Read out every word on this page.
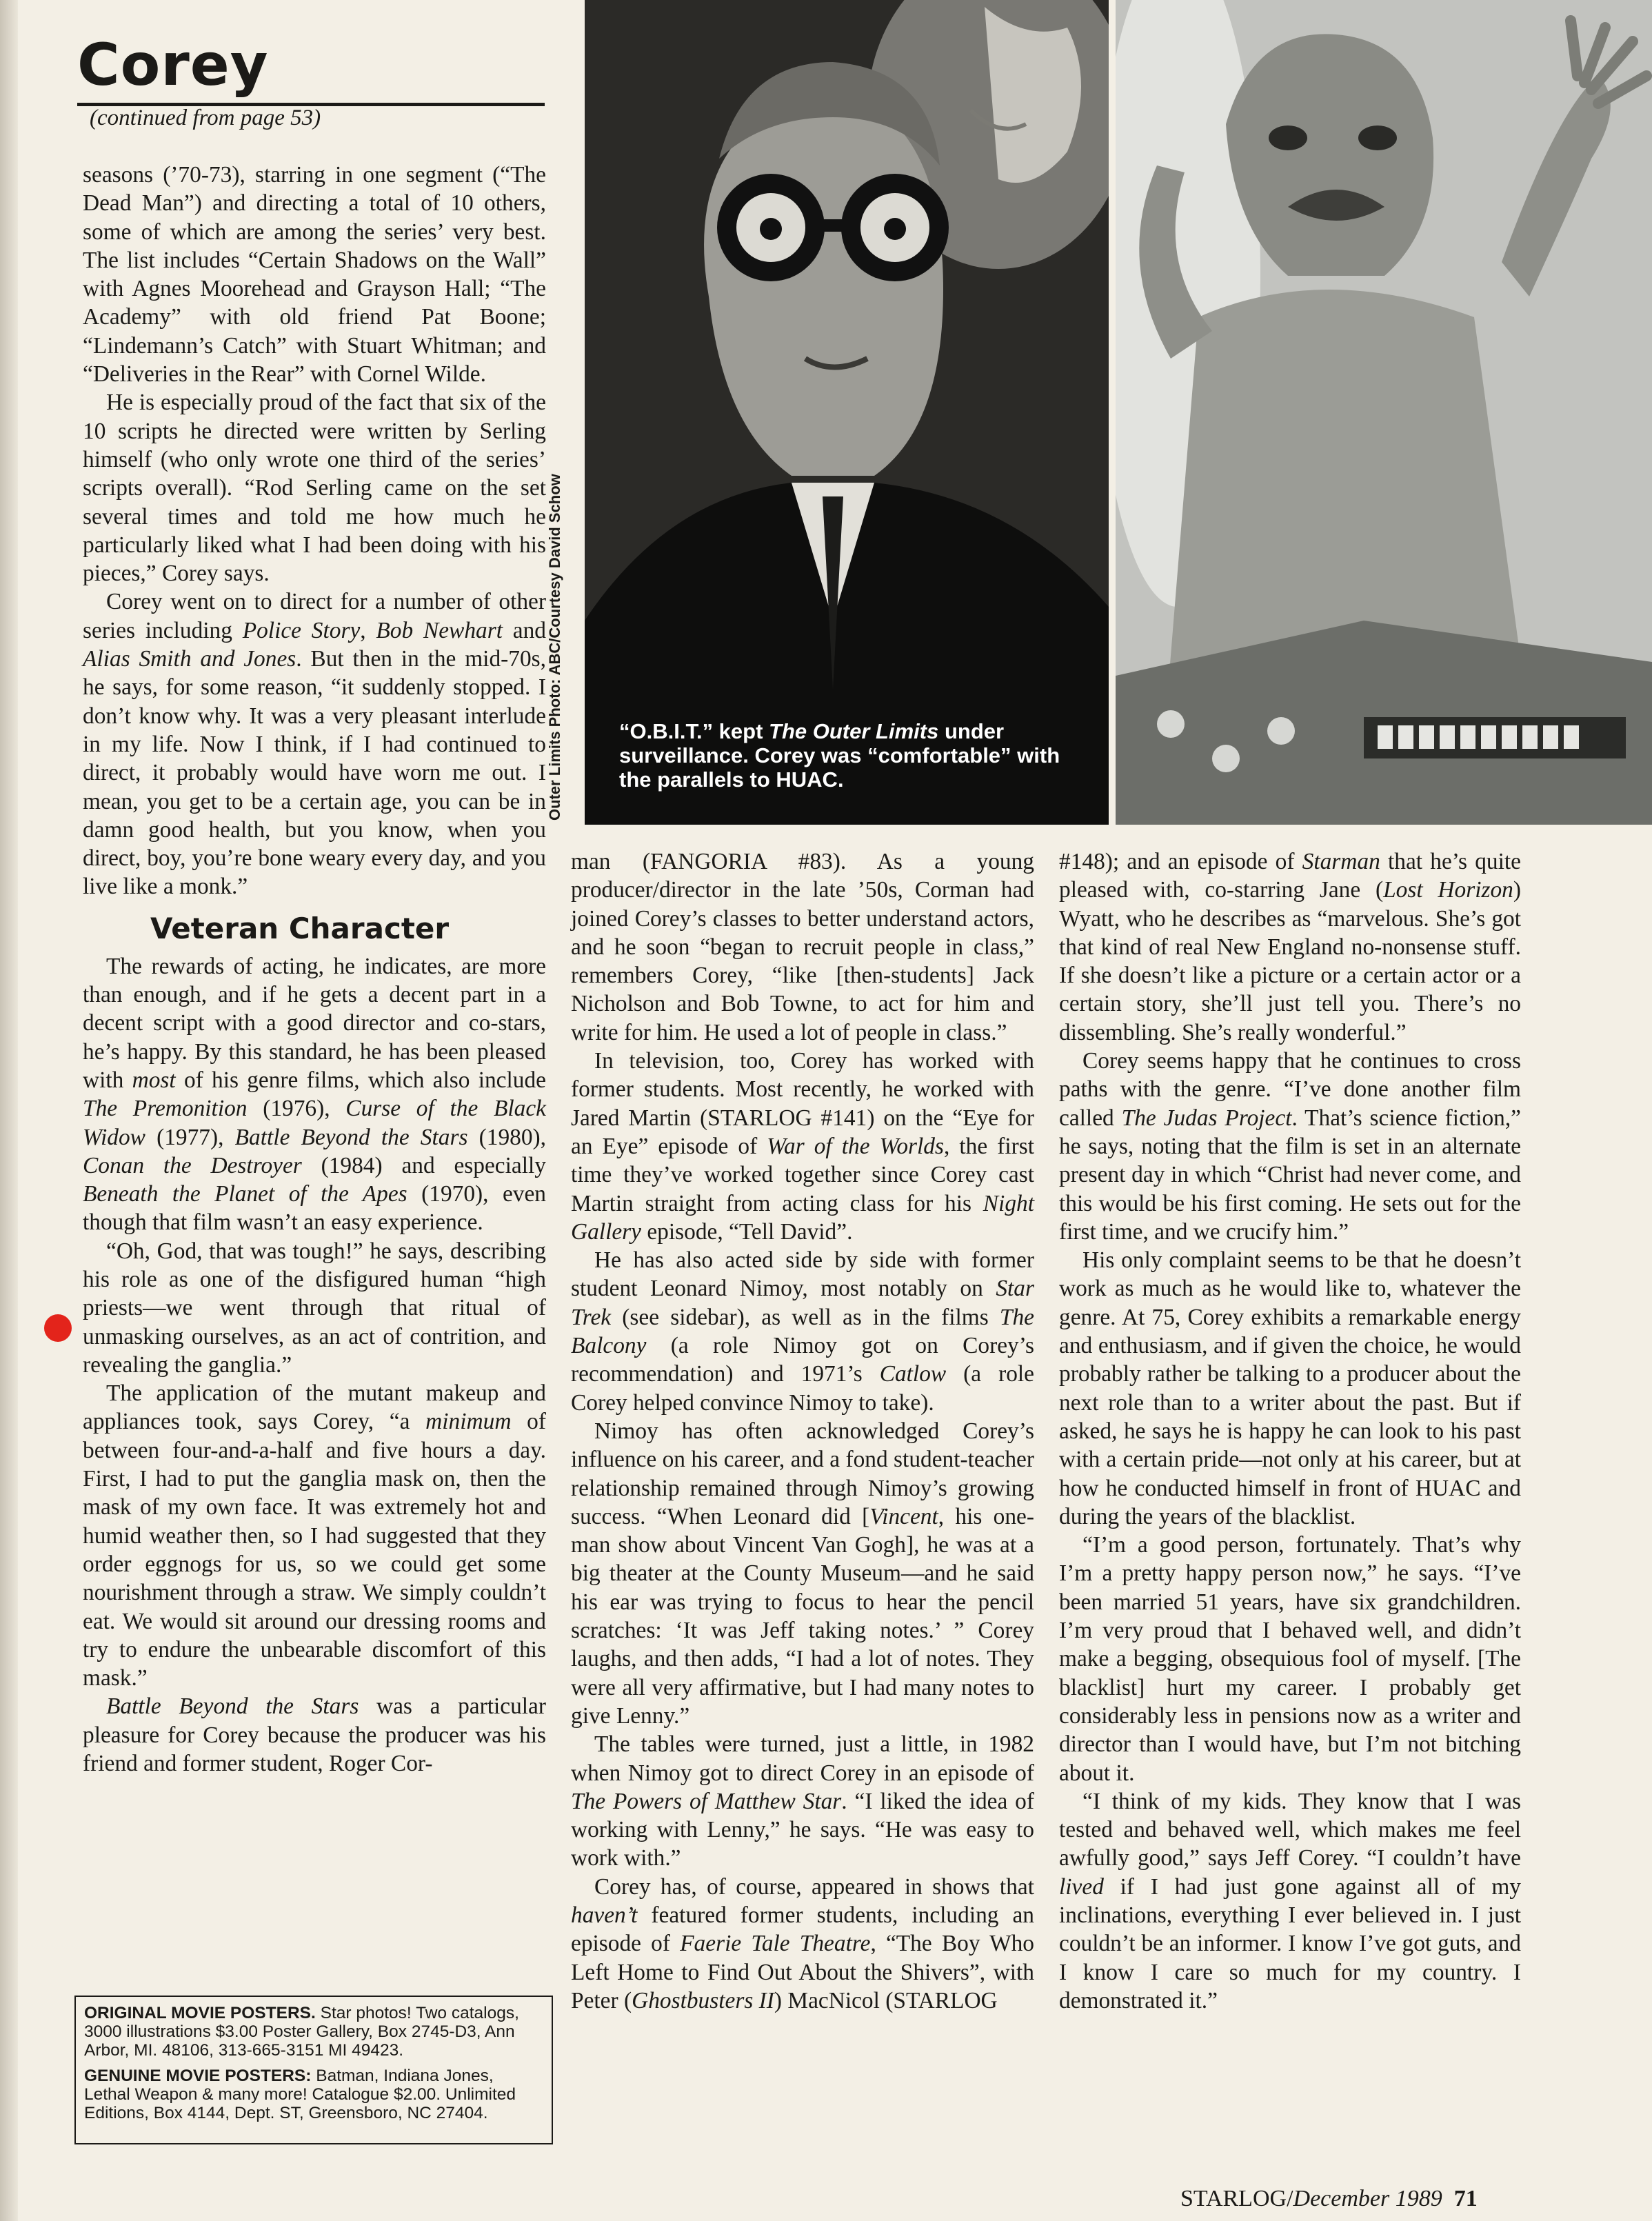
Corey
(continued from page 53)

“O.B.I.T.” kept The Outer Limits under surveillance. Corey was “comfortable” with the parallels to HUAC.

Outer Limits Photo: ABC/Courtesy David Schow

seasons (’70-73), starring in one segment (“The Dead Man”) and directing a total of 10 others, some of which are among the series’ very best. The list includes “Certain Shadows on the Wall” with Agnes Moorehead and Grayson Hall; “The Academy” with old friend Pat Boone; “Lindemann’s Catch” with Stuart Whitman; and “Deliveries in the Rear” with Cornel Wilde.

He is especially proud of the fact that six of the 10 scripts he directed were written by Serling himself (who only wrote one third of the series’ scripts overall). “Rod Serling came on the set several times and told me how much he particularly liked what I had been doing with his pieces,” Corey says.

Corey went on to direct for a number of other series including Police Story, Bob Newhart and Alias Smith and Jones. But then in the mid-70s, he says, for some reason, “it suddenly stopped. I don’t know why. It was a very pleasant interlude in my life. Now I think, if I had continued to direct, it probably would have worn me out. I mean, you get to be a certain age, you can be in damn good health, but you know, when you direct, boy, you’re bone weary every day, and you live like a monk.”

Veteran Character

The rewards of acting, he indicates, are more than enough, and if he gets a decent part in a decent script with a good director and co-stars, he’s happy. By this standard, he has been pleased with most of his genre films, which also include The Premonition (1976), Curse of the Black Widow (1977), Battle Beyond the Stars (1980), Conan the Destroyer (1984) and especially Beneath the Planet of the Apes (1970), even though that film wasn’t an easy experience.

“Oh, God, that was tough!” he says, describing his role as one of the disfigured human “high priests—we went through that ritual of unmasking ourselves, as an act of contrition, and revealing the ganglia.”

The application of the mutant makeup and appliances took, says Corey, “a minimum of between four-and-a-half and five hours a day. First, I had to put the ganglia mask on, then the mask of my own face. It was extremely hot and humid weather then, so I had suggested that they order eggnogs for us, so we could get some nourishment through a straw. We simply couldn’t eat. We would sit around our dressing rooms and try to endure the unbearable discomfort of this mask.”

Battle Beyond the Stars was a particular pleasure for Corey because the producer was his friend and former student, Roger Cor-

man (FANGORIA #83). As a young producer/director in the late ’50s, Corman had joined Corey’s classes to better understand actors, and he soon “began to recruit people in class,” remembers Corey, “like [then-students] Jack Nicholson and Bob Towne, to act for him and write for him. He used a lot of people in class.”

In television, too, Corey has worked with former students. Most recently, he worked with Jared Martin (STARLOG #141) on the “Eye for an Eye” episode of War of the Worlds, the first time they’ve worked together since Corey cast Martin straight from acting class for his Night Gallery episode, “Tell David”.

He has also acted side by side with former student Leonard Nimoy, most notably on Star Trek (see sidebar), as well as in the films The Balcony (a role Nimoy got on Corey’s recommendation) and 1971’s Catlow (a role Corey helped convince Nimoy to take).

Nimoy has often acknowledged Corey’s influence on his career, and a fond student-teacher relationship remained through Nimoy’s growing success. “When Leonard did [Vincent, his one-man show about Vincent Van Gogh], he was at a big theater at the County Museum—and he said his ear was trying to focus to hear the pencil scratches: ‘It was Jeff taking notes.’ ” Corey laughs, and then adds, “I had a lot of notes. They were all very affirmative, but I had many notes to give Lenny.”

The tables were turned, just a little, in 1982 when Nimoy got to direct Corey in an episode of The Powers of Matthew Star. “I liked the idea of working with Lenny,” he says. “He was easy to work with.”

Corey has, of course, appeared in shows that haven’t featured former students, including an episode of Faerie Tale Theatre, “The Boy Who Left Home to Find Out About the Shivers”, with Peter (Ghostbusters II) MacNicol (STARLOG

#148); and an episode of Starman that he’s quite pleased with, co-starring Jane (Lost Horizon) Wyatt, who he describes as “marvelous. She’s got that kind of real New England no-nonsense stuff. If she doesn’t like a picture or a certain actor or a certain story, she’ll just tell you. There’s no dissembling. She’s really wonderful.”

Corey seems happy that he continues to cross paths with the genre. “I’ve done another film called The Judas Project. That’s science fiction,” he says, noting that the film is set in an alternate present day in which “Christ had never come, and this would be his first coming. He sets out for the first time, and we crucify him.”

His only complaint seems to be that he doesn’t work as much as he would like to, whatever the genre. At 75, Corey exhibits a remarkable energy and enthusiasm, and if given the choice, he would probably rather be talking to a producer about the next role than to a writer about the past. But if asked, he says he is happy he can look to his past with a certain pride—not only at his career, but at how he conducted himself in front of HUAC and during the years of the blacklist.

“I’m a good person, fortunately. That’s why I’m a pretty happy person now,” he says. “I’ve been married 51 years, have six grandchildren. I’m very proud that I behaved well, and didn’t make a begging, obsequious fool of myself. [The blacklist] hurt my career. I probably get considerably less in pensions now as a writer and director than I would have, but I’m not bitching about it.

“I think of my kids. They know that I was tested and behaved well, which makes me feel awfully good,” says Jeff Corey. “I couldn’t have lived if I had just gone against all of my inclinations, everything I ever believed in. I just couldn’t be an informer. I know I’ve got guts, and I know I care so much for my country. I demonstrated it.”

ORIGINAL MOVIE POSTERS. Star photos! Two catalogs, 3000 illustrations $3.00 Poster Gallery, Box 2745-D3, Ann Arbor, MI. 48106, 313-665-3151 MI 49423.

GENUINE MOVIE POSTERS: Batman, Indiana Jones, Lethal Weapon & many more! Catalogue $2.00. Unlimited Editions, Box 4144, Dept. ST, Greensboro, NC 27404.

STARLOG/December 1989 71
